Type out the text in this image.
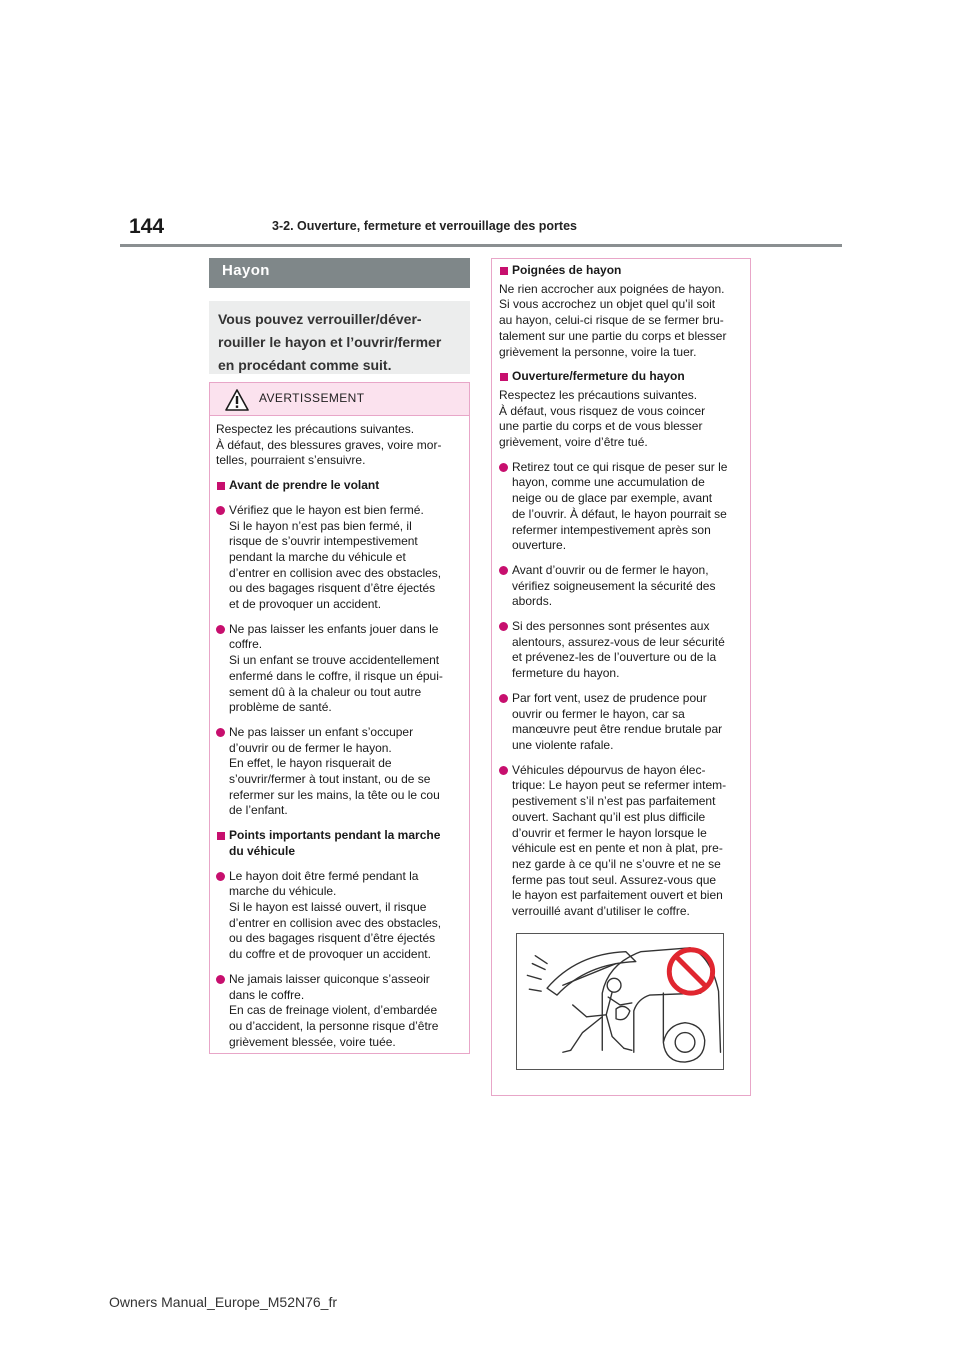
144	3-2. Ouverture, fermeture et verrouillage des portes
Hayon

Vous pouvez verrouiller/déver-

rouiller le hayon et l’ouvrir/fermer

en procédant comme suit.

AVERTISSEMENT

Respectez les précautions suivantes.

À défaut, des blessures graves, voire mor-

telles, pourraient s’ensuivre.

Avant de prendre le volant

Vérifiez que le hayon est bien fermé.

Si le hayon n’est pas bien fermé, il

risque de s’ouvrir intempestivement

pendant la marche du véhicule et

d’entrer en collision avec des obstacles,

ou des bagages risquent d’être éjectés

et de provoquer un accident.

Ne pas laisser les enfants jouer dans le

coffre.

Si un enfant se trouve accidentellement

enfermé dans le coffre, il risque un épui-

sement dû à la chaleur ou tout autre

problème de santé.

Ne pas laisser un enfant s’occuper

d’ouvrir ou de fermer le hayon.

En effet, le hayon risquerait de

s’ouvrir/fermer à tout instant, ou de se

refermer sur les mains, la tête ou le cou

de l’enfant.

Points importants pendant la marche

du véhicule

Le hayon doit être fermé pendant la

marche du véhicule.

Si le hayon est laissé ouvert, il risque

d’entrer en collision avec des obstacles,

ou des bagages risquent d’être éjectés

du coffre et de provoquer un accident.

Ne jamais laisser quiconque s’asseoir

dans le coffre.

En cas de freinage violent, d’embardée

ou d’accident, la personne risque d’être

grièvement blessée, voire tuée.

Poignées de hayon

Ne rien accrocher aux poignées de hayon.

Si vous accrochez un objet quel qu’il soit

au hayon, celui-ci risque de se fermer bru-

talement sur une partie du corps et blesser

grièvement la personne, voire la tuer.

Ouverture/fermeture du hayon

Respectez les précautions suivantes.

À défaut, vous risquez de vous coincer

une partie du corps et de vous blesser

grièvement, voire d’être tué.

Retirez tout ce qui risque de peser sur le

hayon, comme une accumulation de

neige ou de glace par exemple, avant

de l’ouvrir. À défaut, le hayon pourrait se

refermer intempestivement après son

ouverture.

Avant d’ouvrir ou de fermer le hayon,

vérifiez soigneusement la sécurité des

abords.

Si des personnes sont présentes aux

alentours, assurez-vous de leur sécurité

et prévenez-les de l’ouverture ou de la

fermeture du hayon.

Par fort vent, usez de prudence pour

ouvrir ou fermer le hayon, car sa

manœuvre peut être rendue brutale par

une violente rafale.

Véhicules dépourvus de hayon élec-

trique: Le hayon peut se refermer intem-

pestivement s’il n’est pas parfaitement

ouvert. Sachant qu’il est plus difficile

d’ouvrir et fermer le hayon lorsque le

véhicule est en pente et non à plat, pre-

nez garde à ce qu’il ne s’ouvre et ne se

ferme pas tout seul. Assurez-vous que

le hayon est parfaitement ouvert et bien

verrouillé avant d’utiliser le coffre.

Owners Manual_Europe_M52N76_fr
